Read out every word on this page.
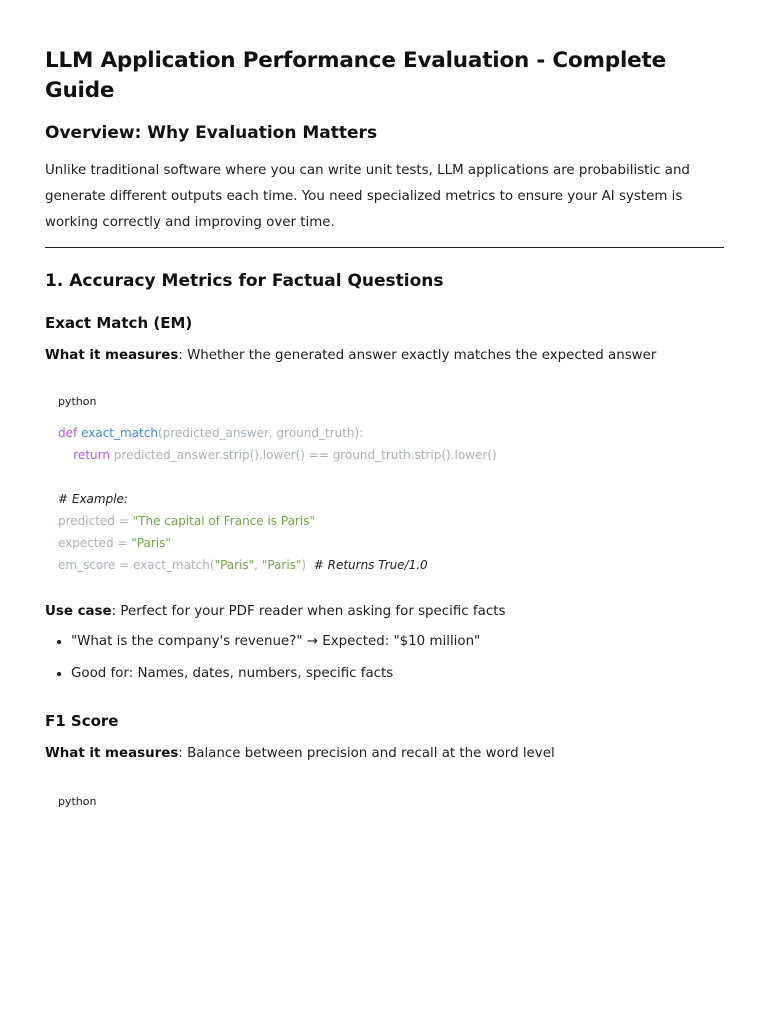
LLM Application Performance Evaluation - Complete Guide
Overview: Why Evaluation Matters

Unlike traditional software where you can write unit tests, LLM applications are probabilistic and generate different outputs each time. You need specialized metrics to ensure your AI system is working correctly and improving over time.

1. Accuracy Metrics for Factual Questions
Exact Match (EM)

What it measures: Whether the generated answer exactly matches the expected answer

python
def exact_match(predicted_answer, ground_truth):
return predicted_answer.strip().lower() == ground_truth.strip().lower()
# Example:
predicted = "The capital of France is Paris"
expected = "Paris"
em_score = exact_match("Paris", "Paris")  # Returns True/1.0

Use case: Perfect for your PDF reader when asking for specific facts

• "What is the company's revenue?" → Expected: "$10 million"
• Good for: Names, dates, numbers, specific facts
F1 Score

What it measures: Balance between precision and recall at the word level

python
